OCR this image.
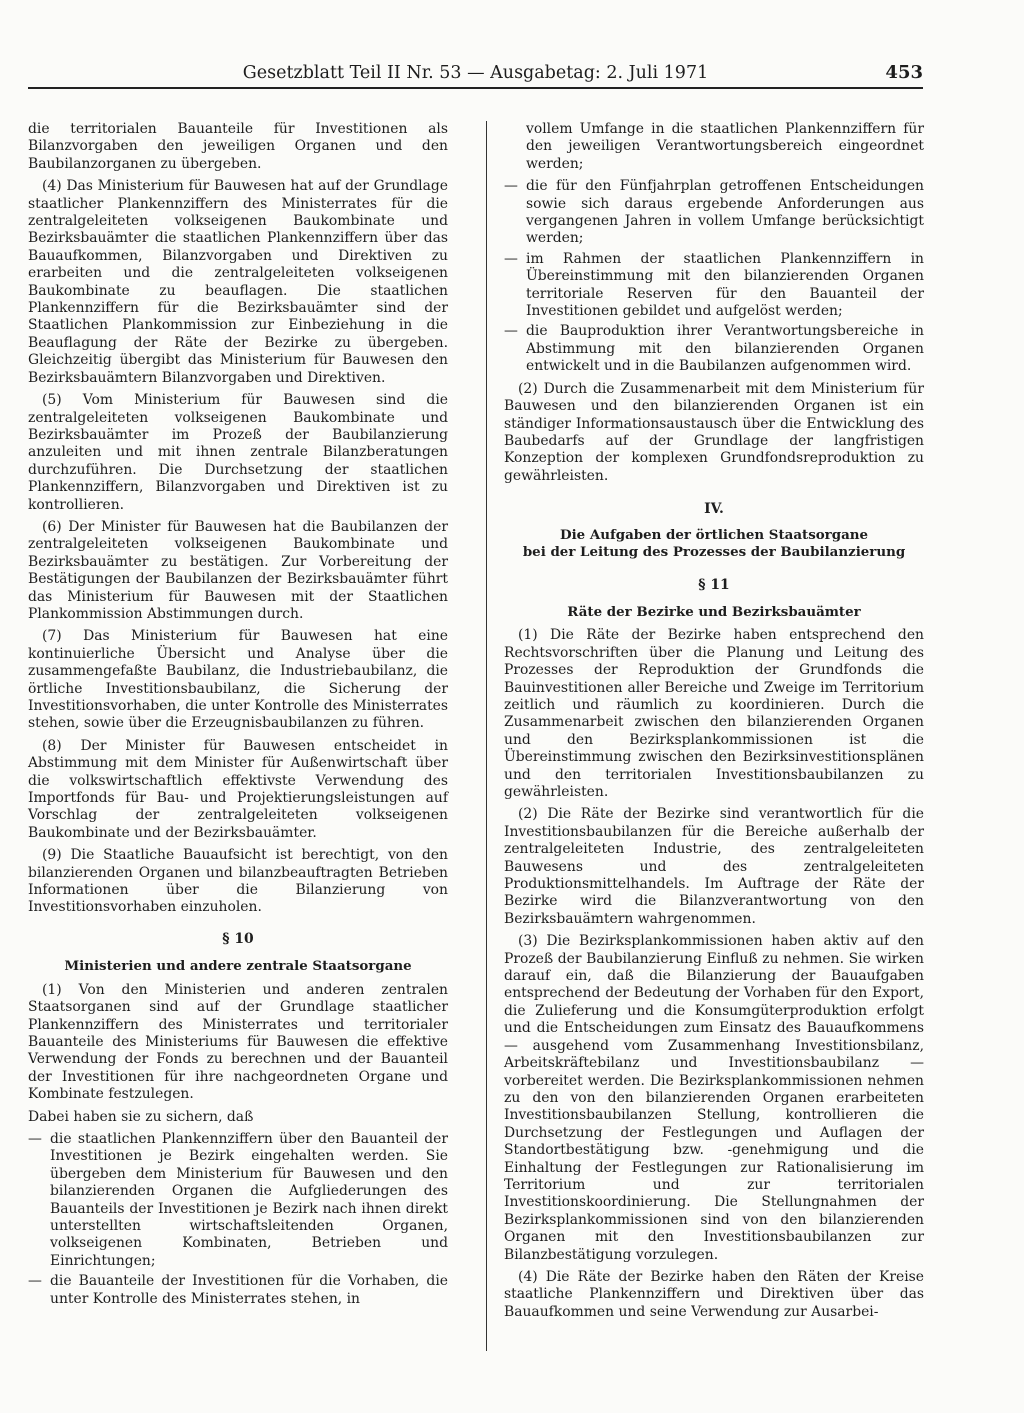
Gesetzblatt Teil II Nr. 53 — Ausgabetag: 2. Juli 1971	453

die territorialen Bauanteile für Investitionen als Bilanzvorgaben den jeweiligen Organen und den Baubilanzorganen zu übergeben.

(4) Das Ministerium für Bauwesen hat auf der Grundlage staatlicher Plankennziffern des Ministerrates für die zentralgeleiteten volkseigenen Baukombinate und Bezirksbauämter die staatlichen Plankennziffern über das Bauaufkommen, Bilanzvorgaben und Direktiven zu erarbeiten und die zentralgeleiteten volkseigenen Baukombinate zu beauflagen. Die staatlichen Plankennziffern für die Bezirksbauämter sind der Staatlichen Plankommission zur Einbeziehung in die Beauflagung der Räte der Bezirke zu übergeben. Gleichzeitig übergibt das Ministerium für Bauwesen den Bezirksbauämtern Bilanzvorgaben und Direktiven.

(5) Vom Ministerium für Bauwesen sind die zentralgeleiteten volkseigenen Baukombinate und Bezirksbauämter im Prozeß der Baubilanzierung anzuleiten und mit ihnen zentrale Bilanzberatungen durchzuführen. Die Durchsetzung der staatlichen Plankennziffern, Bilanzvorgaben und Direktiven ist zu kontrollieren.

(6) Der Minister für Bauwesen hat die Baubilanzen der zentralgeleiteten volkseigenen Baukombinate und Bezirksbauämter zu bestätigen. Zur Vorbereitung der Bestätigungen der Baubilanzen der Bezirksbauämter führt das Ministerium für Bauwesen mit der Staatlichen Plankommission Abstimmungen durch.

(7) Das Ministerium für Bauwesen hat eine kontinuierliche Übersicht und Analyse über die zusammengefaßte Baubilanz, die Industriebaubilanz, die örtliche Investitionsbaubilanz, die Sicherung der Investitionsvorhaben, die unter Kontrolle des Ministerrates stehen, sowie über die Erzeugnisbaubilanzen zu führen.

(8) Der Minister für Bauwesen entscheidet in Abstimmung mit dem Minister für Außenwirtschaft über die volkswirtschaftlich effektivste Verwendung des Importfonds für Bau- und Projektierungsleistungen auf Vorschlag der zentralgeleiteten volkseigenen Baukombinate und der Bezirksbauämter.

(9) Die Staatliche Bauaufsicht ist berechtigt, von den bilanzierenden Organen und bilanzbeauftragten Betrieben Informationen über die Bilanzierung von Investitionsvorhaben einzuholen.

§ 10
Ministerien und andere zentrale Staatsorgane

(1) Von den Ministerien und anderen zentralen Staatsorganen sind auf der Grundlage staatlicher Plankennziffern des Ministerrates und territorialer Bauanteile des Ministeriums für Bauwesen die effektive Verwendung der Fonds zu berechnen und der Bauanteil der Investitionen für ihre nachgeordneten Organe und Kombinate festzulegen.

Dabei haben sie zu sichern, daß

— die staatlichen Plankennziffern über den Bauanteil der Investitionen je Bezirk eingehalten werden. Sie übergeben dem Ministerium für Bauwesen und den bilanzierenden Organen die Aufgliederungen des Bauanteils der Investitionen je Bezirk nach ihnen direkt unterstellten wirtschaftsleitenden Organen, volkseigenen Kombinaten, Betrieben und Einrichtungen;
— die Bauanteile der Investitionen für die Vorhaben, die unter Kontrolle des Ministerrates stehen, in

vollem Umfange in die staatlichen Plankennziffern für den jeweiligen Verantwortungsbereich eingeordnet werden;

— die für den Fünfjahrplan getroffenen Entscheidungen sowie sich daraus ergebende Anforderungen aus vergangenen Jahren in vollem Umfange berücksichtigt werden;
— im Rahmen der staatlichen Plankennziffern in Übereinstimmung mit den bilanzierenden Organen territoriale Reserven für den Bauanteil der Investitionen gebildet und aufgelöst werden;
— die Bauproduktion ihrer Verantwortungsbereiche in Abstimmung mit den bilanzierenden Organen entwickelt und in die Baubilanzen aufgenommen wird.

(2) Durch die Zusammenarbeit mit dem Ministerium für Bauwesen und den bilanzierenden Organen ist ein ständiger Informationsaustausch über die Entwicklung des Baubedarfs auf der Grundlage der langfristigen Konzeption der komplexen Grundfondsreproduktion zu gewährleisten.

IV.
Die Aufgaben der örtlichen Staatsorgane
bei der Leitung des Prozesses der Baubilanzierung
§ 11
Räte der Bezirke und Bezirksbauämter

(1) Die Räte der Bezirke haben entsprechend den Rechtsvorschriften über die Planung und Leitung des Prozesses der Reproduktion der Grundfonds die Bauinvestitionen aller Bereiche und Zweige im Territorium zeitlich und räumlich zu koordinieren. Durch die Zusammenarbeit zwischen den bilanzierenden Organen und den Bezirksplankommissionen ist die Übereinstimmung zwischen den Bezirksinvestitionsplänen und den territorialen Investitionsbaubilanzen zu gewährleisten.

(2) Die Räte der Bezirke sind verantwortlich für die Investitionsbaubilanzen für die Bereiche außerhalb der zentralgeleiteten Industrie, des zentralgeleiteten Bauwesens und des zentralgeleiteten Produktionsmittelhandels. Im Auftrage der Räte der Bezirke wird die Bilanzverantwortung von den Bezirksbauämtern wahrgenommen.

(3) Die Bezirksplankommissionen haben aktiv auf den Prozeß der Baubilanzierung Einfluß zu nehmen. Sie wirken darauf ein, daß die Bilanzierung der Bauaufgaben entsprechend der Bedeutung der Vorhaben für den Export, die Zulieferung und die Konsumgüterproduktion erfolgt und die Entscheidungen zum Einsatz des Bauaufkommens — ausgehend vom Zusammenhang Investitionsbilanz, Arbeitskräftebilanz und Investitionsbaubilanz — vorbereitet werden. Die Bezirksplankommissionen nehmen zu den von den bilanzierenden Organen erarbeiteten Investitionsbaubilanzen Stellung, kontrollieren die Durchsetzung der Festlegungen und Auflagen der Standortbestätigung bzw. -genehmigung und die Einhaltung der Festlegungen zur Rationalisierung im Territorium und zur territorialen Investitionskoordinierung. Die Stellungnahmen der Bezirksplankommissionen sind von den bilanzierenden Organen mit den Investitionsbaubilanzen zur Bilanzbestätigung vorzulegen.

(4) Die Räte der Bezirke haben den Räten der Kreise staatliche Plankennziffern und Direktiven über das Bauaufkommen und seine Verwendung zur Ausarbei-
